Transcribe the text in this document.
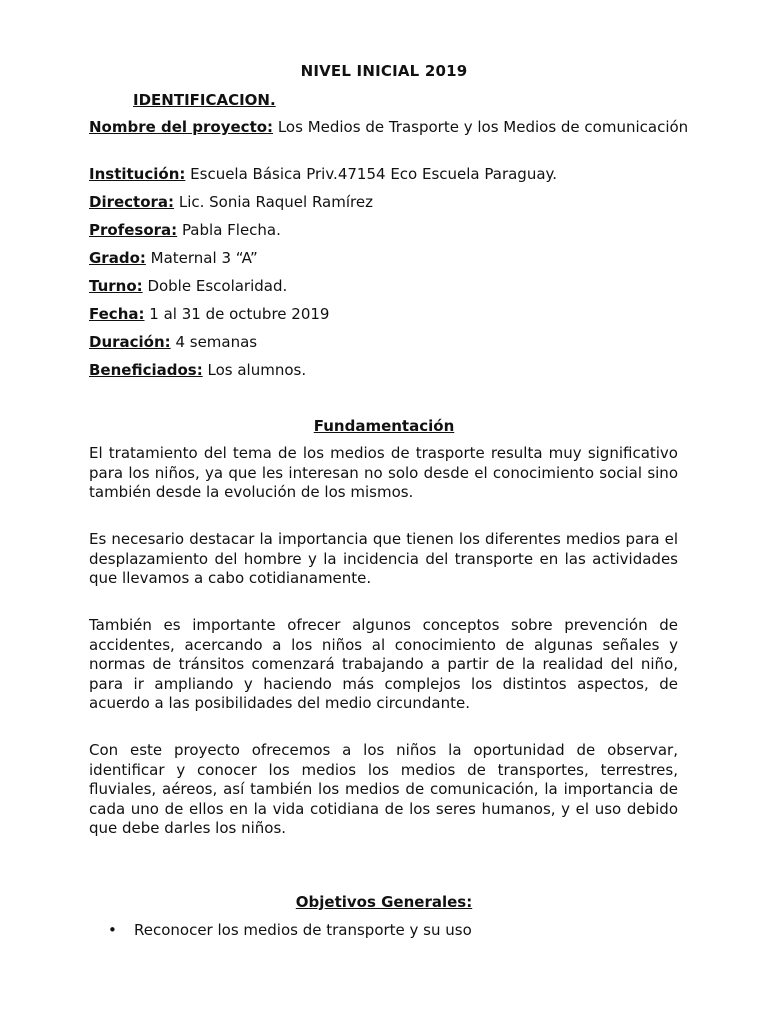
NIVEL INICIAL 2019
IDENTIFICACION.
Nombre del proyecto: Los Medios de Trasporte y los Medios de comunicación
Institución: Escuela Básica Priv.47154 Eco Escuela Paraguay.
Directora: Lic. Sonia Raquel Ramírez
Profesora: Pabla Flecha.
Grado: Maternal 3 “A”
Turno: Doble Escolaridad.
Fecha: 1 al 31 de octubre 2019
Duración: 4 semanas
Beneficiados: Los alumnos.
Fundamentación

El tratamiento del tema de los medios de trasporte resulta muy significativo para los niños, ya que les interesan no solo desde el conocimiento social sino también desde la evolución de los mismos.

Es necesario destacar la importancia que tienen los diferentes medios para el desplazamiento del hombre y la incidencia del transporte en las actividades que llevamos a cabo cotidianamente.

También es importante ofrecer algunos conceptos sobre prevención de accidentes, acercando a los niños al conocimiento de algunas señales y normas de tránsitos comenzará trabajando a partir de la realidad del niño, para ir ampliando y haciendo más complejos los distintos aspectos, de acuerdo a las posibilidades del medio circundante.

Con este proyecto ofrecemos a los niños la oportunidad de observar, identificar y conocer los medios los medios de transportes, terrestres, fluviales, aéreos, así también los medios de comunicación, la importancia de cada uno de ellos en la vida cotidiana de los seres humanos, y el uso debido que debe darles los niños.

Objetivos Generales:
• Reconocer los medios de transporte y su uso
